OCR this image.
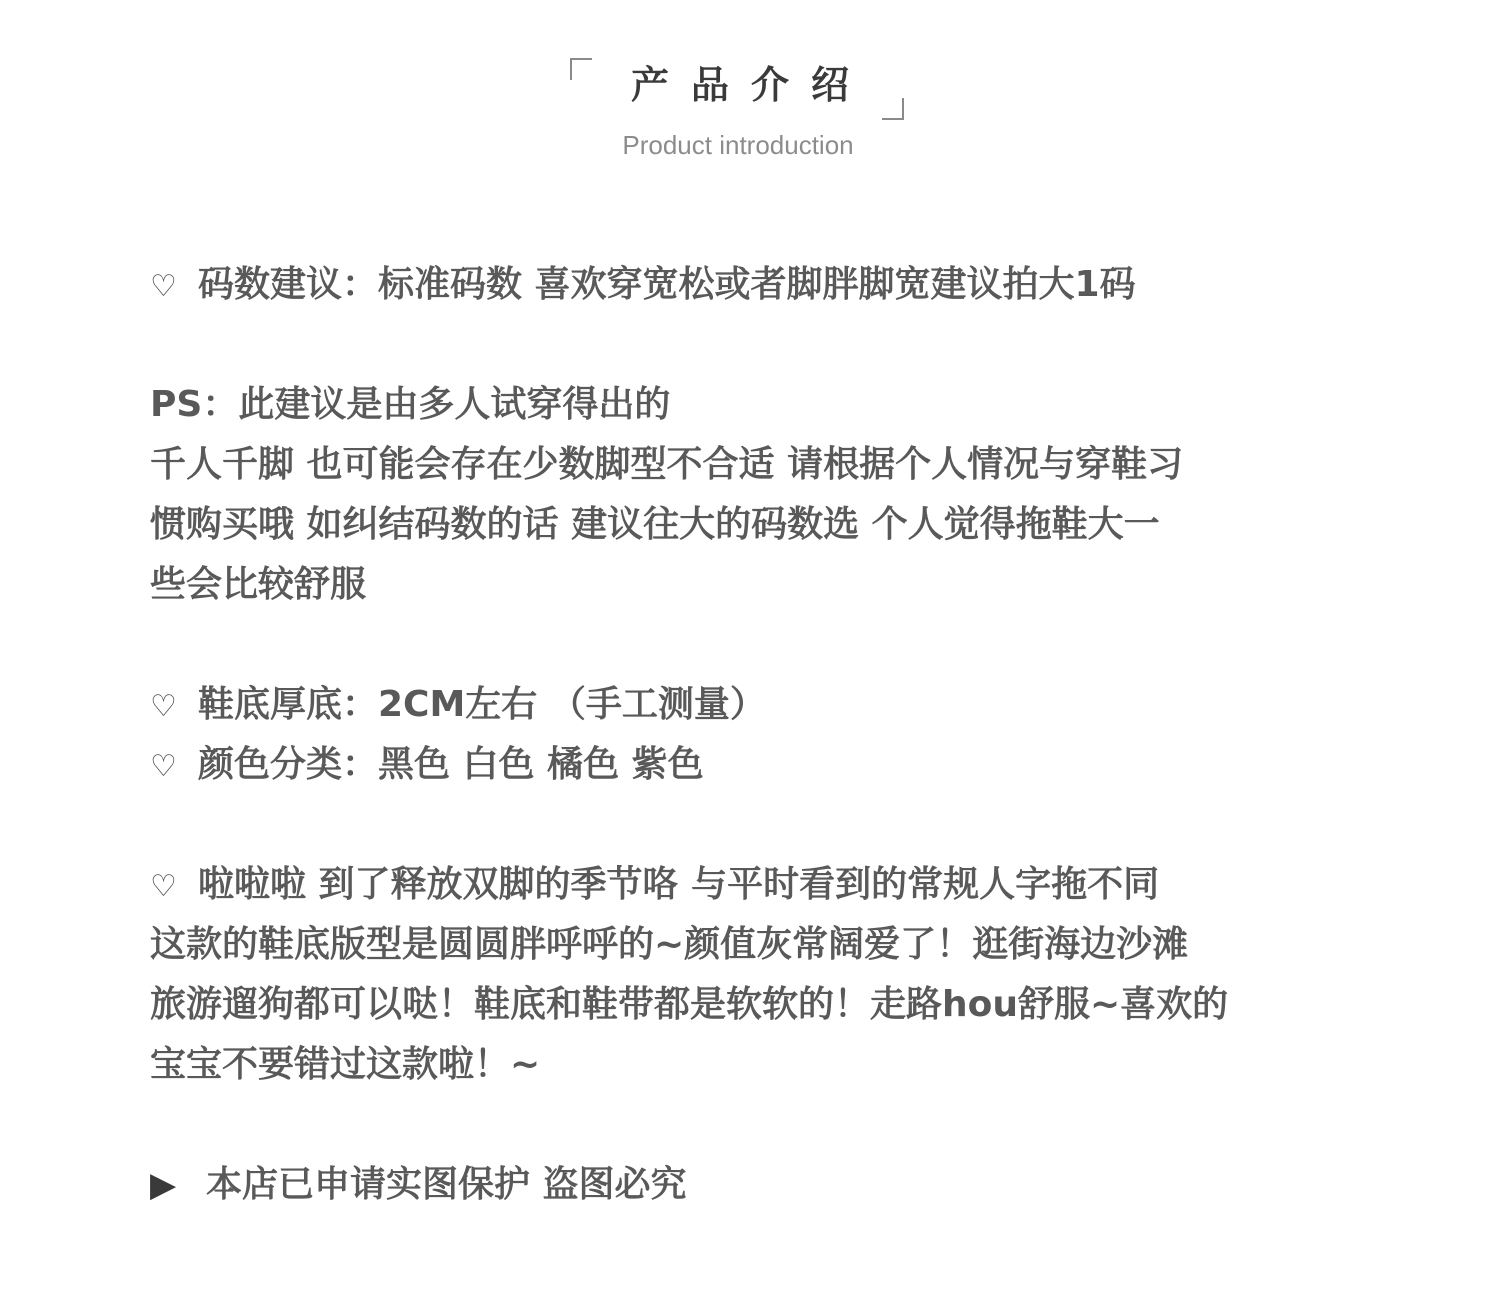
产品介绍
Product introduction
♡ 码数建议：标准码数 喜欢穿宽松或者脚胖脚宽建议拍大1码
PS：此建议是由多人试穿得出的
千人千脚 也可能会存在少数脚型不合适 请根据个人情况与穿鞋习
惯购买哦 如纠结码数的话 建议往大的码数选 个人觉得拖鞋大一
些会比较舒服
♡ 鞋底厚底：2CM左右 （手工测量）
♡ 颜色分类：黑色 白色 橘色 紫色
♡ 啦啦啦 到了释放双脚的季节咯 与平时看到的常规人字拖不同
这款的鞋底版型是圆圆胖呼呼的~颜值灰常阔爱了！逛街海边沙滩
旅游遛狗都可以哒！鞋底和鞋带都是软软的！走路hou舒服~喜欢的
宝宝不要错过这款啦！~
▶ 本店已申请实图保护 盗图必究
